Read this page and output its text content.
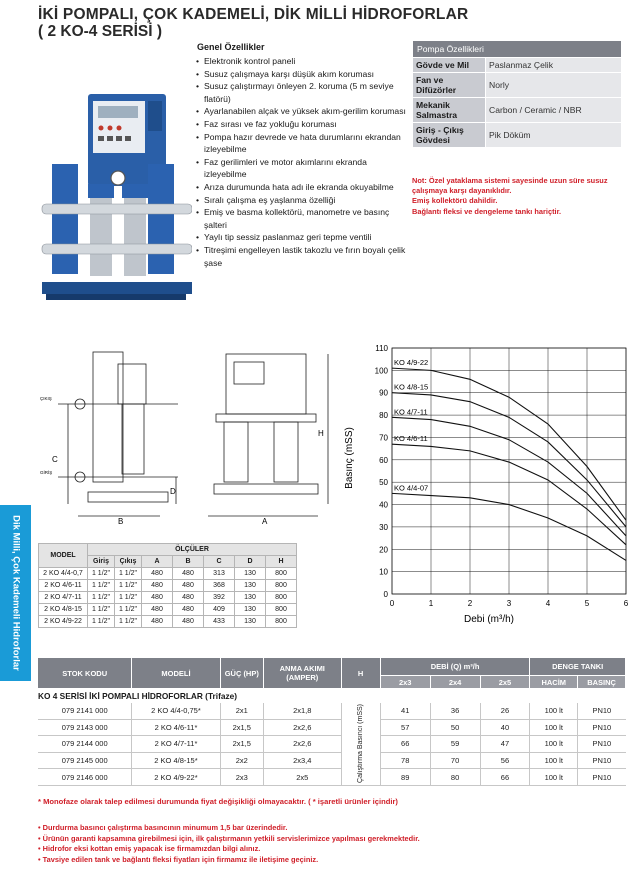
İKİ POMPALI, ÇOK KADEMELİ, DİK MİLLİ HİDROFORLAR
( 2 KO-4 SERİSİ )
Dik Milli, Çok Kademeli Hidroforlar
Genel Özellikler
• Elektronik kontrol paneli
• Susuz çalışmaya karşı düşük akım koruması
• Susuz çalıştırmayı önleyen 2. koruma (5 m seviye flatörü)
• Ayarlanabilen alçak ve yüksek akım-gerilim koruması
• Faz sırası ve faz yokluğu koruması
• Pompa hazır devrede ve hata durumlarını ekrandan izleyebilme
• Faz gerilimleri ve motor akımlarını ekranda izleyebilme
• Arıza durumunda hata adı ile ekranda okuyabilme
• Sıralı çalışma eş yaşlanma özelliği
• Emiş ve basma kollektörü, manometre ve basınç şalteri
• Yaylı tip sessiz paslanmaz geri tepme ventili
• Titreşimi engelleyen lastik takozlu ve fırın boyalı çelik şase
Pompa Özellikleri	
Gövde ve Mil	Paslanmaz Çelik
Fan ve Difüzörler	Norly
Mekanik Salmastra	Carbon / Ceramic / NBR
Giriş - Çıkış Gövdesi	Pik Döküm
Not: Özel yataklama sistemi sayesinde uzun süre susuz çalışmaya karşı dayanıklıdır.
Emiş kollektörü dahildir.
Bağlantı fleksi ve dengeleme tankı hariçtir.
B
C
D
A
H
ÇIKIŞ
GİRİŞ
0
10
20
30
40
50
60
70
80
90
100
110
0	1	2	3	4	5	6
KO 4/9-22
KO 4/8-15
KO 4/7-11
KO 4/6-11
KO 4/4-07
Debi (m³/h)
Basınç (mSS)
MODEL	ÖLÇÜLER						
	Giriş	Çıkış	A	B	C	D	H
2 KO 4/4-0,7	1 1/2"	1 1/2"	480	480	313	130	800
2 KO 4/6-11	1 1/2"	1 1/2"	480	480	368	130	800
2 KO 4/7-11	1 1/2"	1 1/2"	480	480	392	130	800
2 KO 4/8-15	1 1/2"	1 1/2"	480	480	409	130	800
2 KO 4/9-22	1 1/2"	1 1/2"	480	480	433	130	800
STOK KODU	MODELİ	GÜÇ (HP)	ANMA AKIMI (AMPER)	H	DEBİ (Q) m³/h			DENGE TANKI	
					2x3	2x4	2x5	HACİM	BASINÇ
KO 4 SERİSİ İKİ POMPALI HİDROFORLAR (Trifaze)									
079 2141 000	2 KO 4/4-0,75*	2x1	2x1,8	Çalıştırma Basıncı (mSS)	41	36	26	100 lt	PN10
079 2143 000	2 KO 4/6-11*	2x1,5	2x2,6		57	50	40	100 lt	PN10
079 2144 000	2 KO 4/7-11*	2x1,5	2x2,6		66	59	47	100 lt	PN10
079 2145 000	2 KO 4/8-15*	2x2	2x3,4		78	70	56	100 lt	PN10
079 2146 000	2 KO 4/9-22*	2x3	2x5		89	80	66	100 lt	PN10
* Monofaze olarak talep edilmesi durumunda fiyat değişikliği olmayacaktır. ( * işaretli ürünler içindir)
• Durdurma basıncı çalıştırma basıncının minumum 1,5 bar üzerindedir.
• Ürünün garanti kapsamına girebilmesi için, ilk çalıştırmanın yetkili servislerimizce yapılması gerekmektedir.
• Hidrofor eksi kottan emiş yapacak ise firmamızdan bilgi alınız.
• Tavsiye edilen tank ve bağlantı fleksi fiyatları için firmamız ile iletişime geçiniz.
